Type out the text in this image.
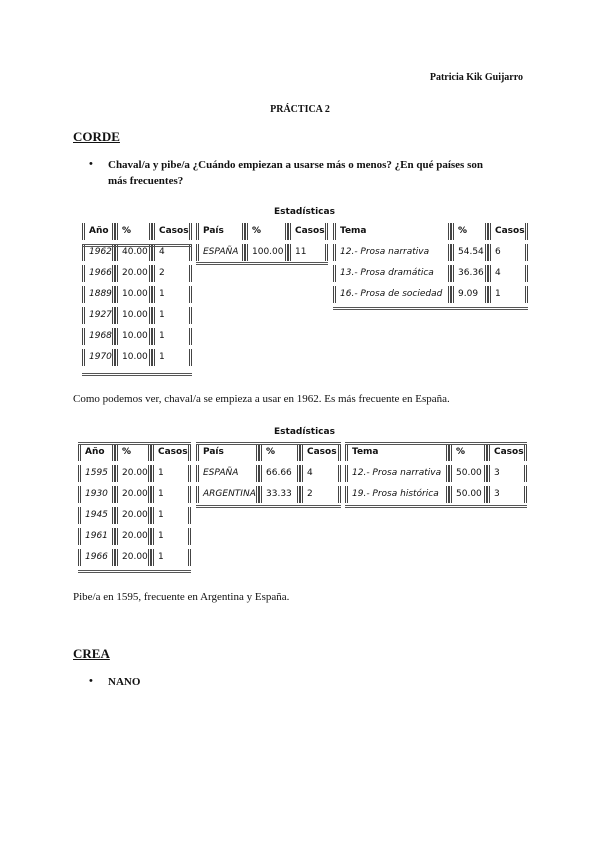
Patricia Kik Guijarro
PRÁCTICA 2
CORDE
• Chaval/a y pibe/a ¿Cuándo empiezan a usarse más o menos? ¿En qué países son
más frecuentes?
Estadísticas
Año	%	Casos
1962	40.00	4
1966	20.00	2
1889	10.00	1
1927	10.00	1
1968	10.00	1
1970	10.00	1
País	%	Casos
ESPAÑA	100.00	11
Tema	%	Casos
12.- Prosa narrativa	54.54	6
13.- Prosa dramática	36.36	4
16.- Prosa de sociedad	9.09	1
Como podemos ver, chaval/a se empieza a usar en 1962. Es más frecuente en España.
Estadísticas
Año	%	Casos
1595	20.00	1
1930	20.00	1
1945	20.00	1
1961	20.00	1
1966	20.00	1
País	%	Casos
ESPAÑA	66.66	4
ARGENTINA	33.33	2
Tema	%	Casos
12.- Prosa narrativa	50.00	3
19.- Prosa histórica	50.00	3
Pibe/a en 1595, frecuente en Argentina y España.
CREA
• NANO
